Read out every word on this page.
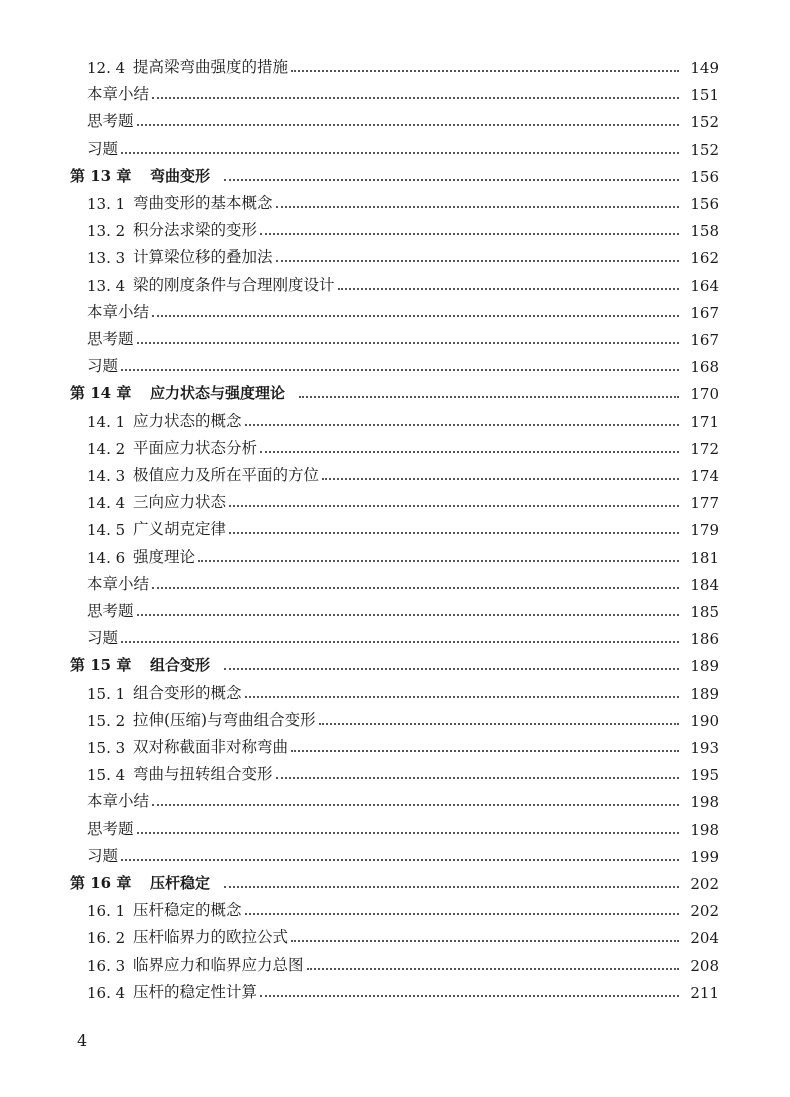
12. 4 提高梁弯曲强度的措施	149
本章小结	151
思考题	152
习题	152
第 13 章	弯曲变形	156
13. 1 弯曲变形的基本概念	156
13. 2 积分法求梁的变形	158
13. 3 计算梁位移的叠加法	162
13. 4 梁的刚度条件与合理刚度设计	164
本章小结	167
思考题	167
习题	168
第 14 章	应力状态与强度理论	170
14. 1 应力状态的概念	171
14. 2 平面应力状态分析	172
14. 3 极值应力及所在平面的方位	174
14. 4 三向应力状态	177
14. 5 广义胡克定律	179
14. 6 强度理论	181
本章小结	184
思考题	185
习题	186
第 15 章	组合变形	189
15. 1 组合变形的概念	189
15. 2 拉伸(压缩)与弯曲组合变形	190
15. 3 双对称截面非对称弯曲	193
15. 4 弯曲与扭转组合变形	195
本章小结	198
思考题	198
习题	199
第 16 章	压杆稳定	202
16. 1 压杆稳定的概念	202
16. 2 压杆临界力的欧拉公式	204
16. 3 临界应力和临界应力总图	208
16. 4 压杆的稳定性计算	211
4
